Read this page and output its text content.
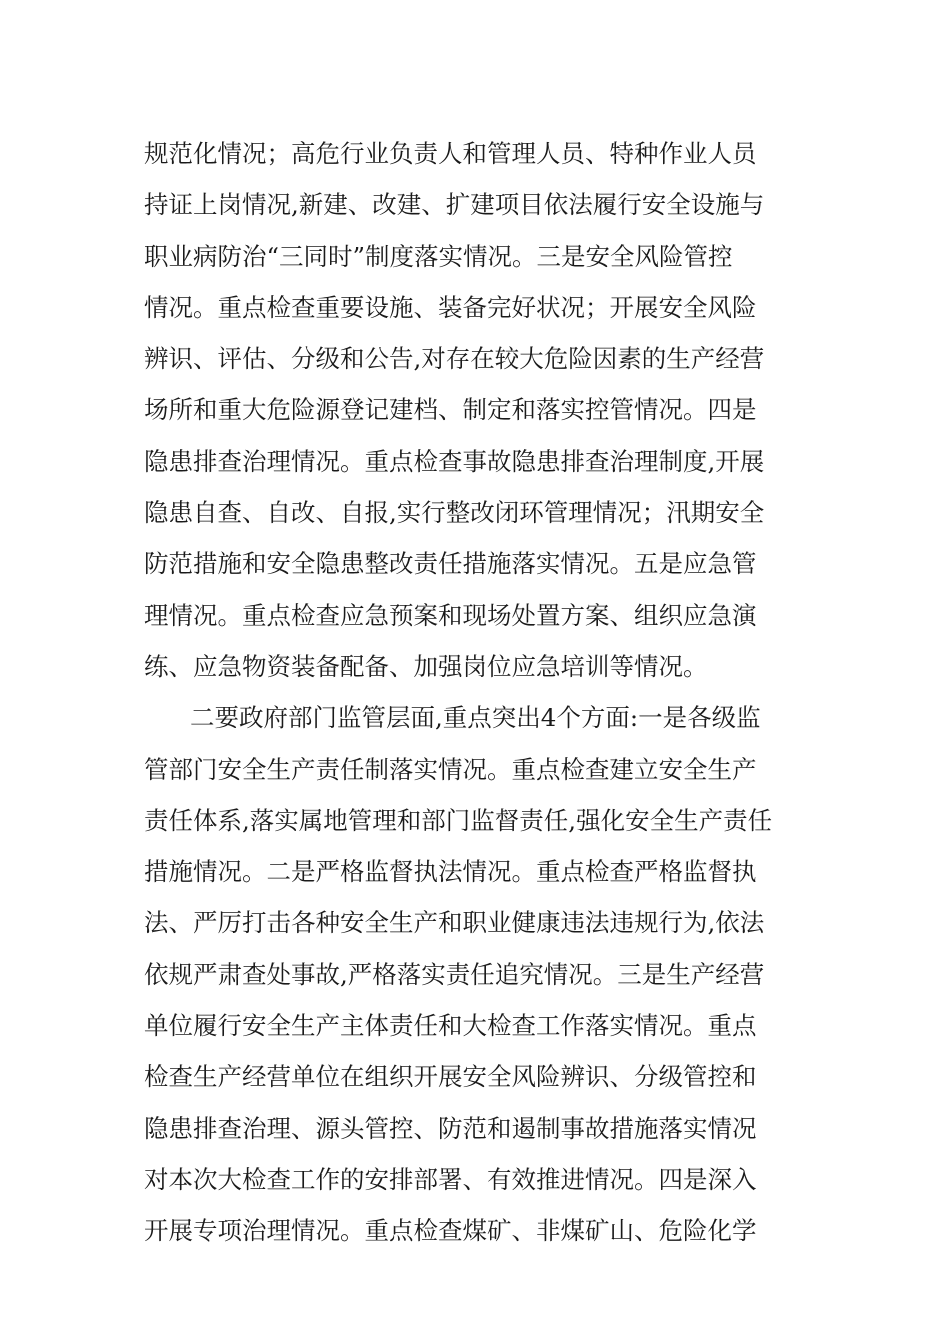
规范化情况；高危行业负责人和管理人员、特种作业人员
持证上岗情况,新建、改建、扩建项目依法履行安全设施与
职业病防治“三同时”制度落实情况。三是安全风险管控
情况。重点检查重要设施、装备完好状况；开展安全风险
辨识、评估、分级和公告,对存在较大危险因素的生产经营
场所和重大危险源登记建档、制定和落实控管情况。四是
隐患排查治理情况。重点检查事故隐患排查治理制度,开展
隐患自查、自改、自报,实行整改闭环管理情况；汛期安全
防范措施和安全隐患整改责任措施落实情况。五是应急管
理情况。重点检查应急预案和现场处置方案、组织应急演
练、应急物资装备配备、加强岗位应急培训等情况。
二要政府部门监管层面,重点突出4个方面:一是各级监
管部门安全生产责任制落实情况。重点检查建立安全生产
责任体系,落实属地管理和部门监督责任,强化安全生产责任
措施情况。二是严格监督执法情况。重点检查严格监督执
法、严厉打击各种安全生产和职业健康违法违规行为,依法
依规严肃查处事故,严格落实责任追究情况。三是生产经营
单位履行安全生产主体责任和大检查工作落实情况。重点
检查生产经营单位在组织开展安全风险辨识、分级管控和
隐患排查治理、源头管控、防范和遏制事故措施落实情况
对本次大检查工作的安排部署、有效推进情况。四是深入
开展专项治理情况。重点检查煤矿、非煤矿山、危险化学
